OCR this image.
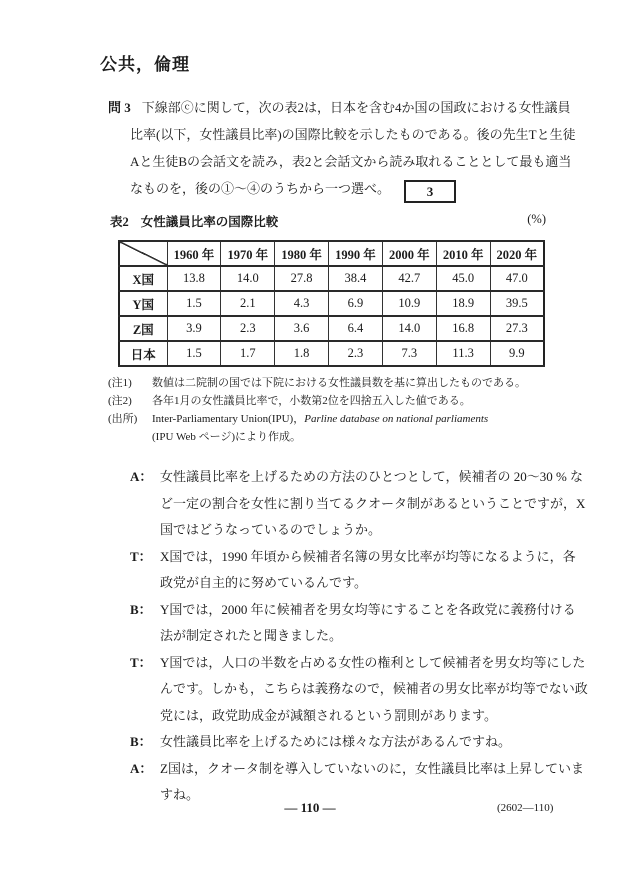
公共，倫理
問 3 下線部ⓒに関して，次の表2は，日本を含む4か国の国政における女性議員
比率(以下，女性議員比率)の国際比較を示したものである。後の先生Tと生徒
Aと生徒Bの会話文を読み，表2と会話文から読み取れることとして最も適当
なものを，後の①～④のうちから一つ選べ。	3
表2 女性議員比率の国際比較	(%)
	1960 年	1970 年	1980 年	1990 年	2000 年	2010 年	2020 年
X国	13.8	14.0	27.8	38.4	42.7	45.0	47.0
Y国	1.5	2.1	4.3	6.9	10.9	18.9	39.5
Z国	3.9	2.3	3.6	6.4	14.0	16.8	27.3
日本	1.5	1.7	1.8	2.3	7.3	11.3	9.9
(注1) 数値は二院制の国では下院における女性議員数を基に算出したものである。
(注2) 各年1月の女性議員比率で，小数第2位を四捨五入した値である。
(出所) Inter-Parliamentary Union(IPU)，Parline database on national parliaments
(IPU Web ページ)により作成。
A： 女性議員比率を上げるための方法のひとつとして，候補者の 20～30 % な
ど一定の割合を女性に割り当てるクオータ制があるということですが，X
国ではどうなっているのでしょうか。
T： X国では，1990 年頃から候補者名簿の男女比率が均等になるように，各
政党が自主的に努めているんです。
B： Y国では，2000 年に候補者を男女均等にすることを各政党に義務付ける
法が制定されたと聞きました。
T： Y国では，人口の半数を占める女性の権利として候補者を男女均等にした
んです。しかも，こちらは義務なので，候補者の男女比率が均等でない政
党には，政党助成金が減額されるという罰則があります。
B： 女性議員比率を上げるためには様々な方法があるんですね。
A： Z国は，クオータ制を導入していないのに，女性議員比率は上昇していま
すね。
— 110 —	(2602—110)
